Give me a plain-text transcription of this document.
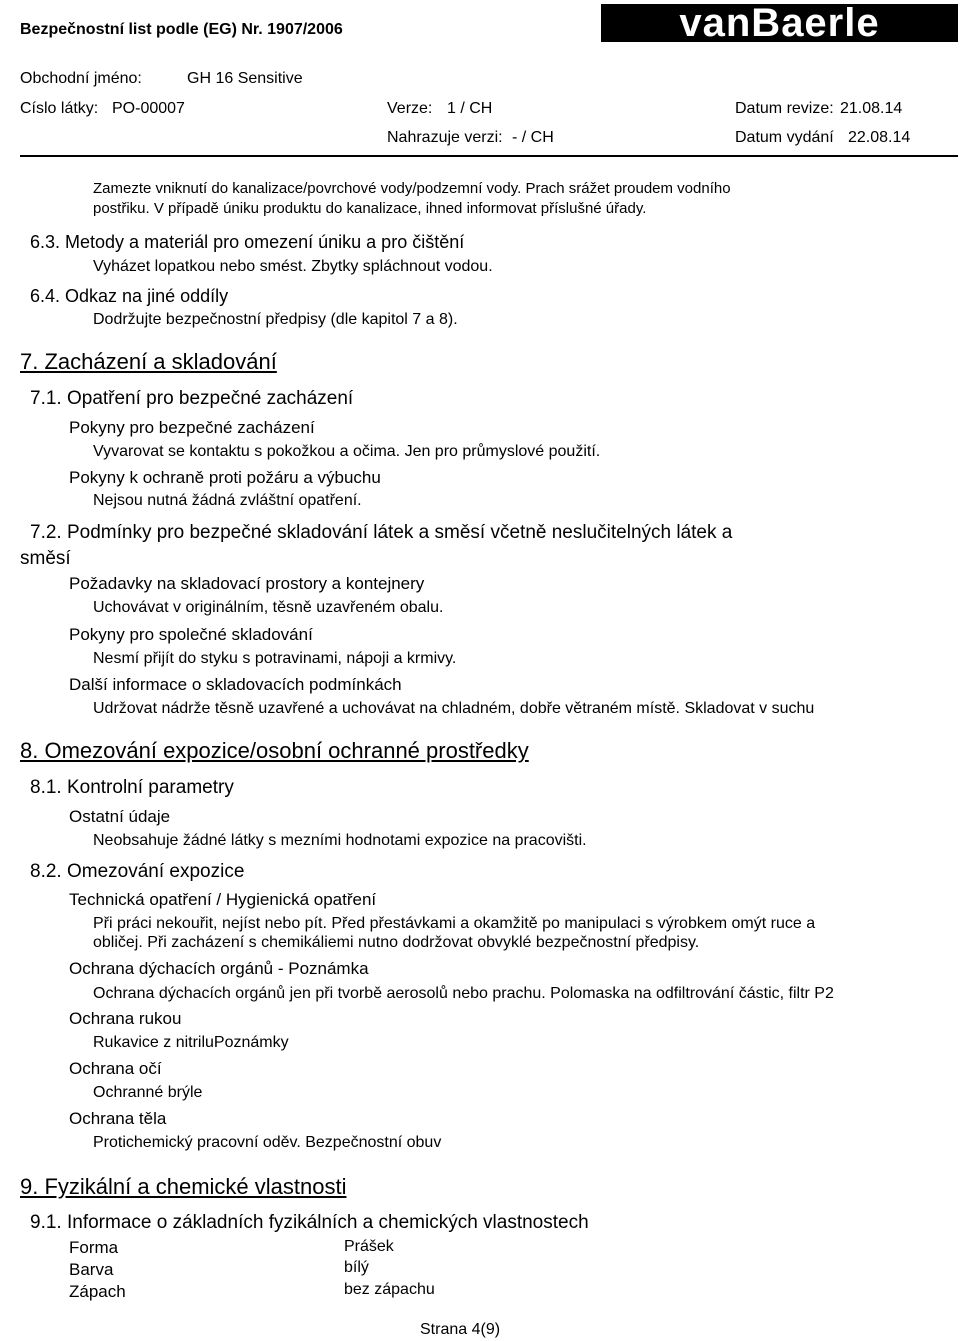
Bezpečnostní list podle (EG) Nr. 1907/2006	vanBaerle
Obchodní jméno:	GH 16 Sensitive
Císlo látky: PO-00007	Verze: 1 / CH
Nahrazuje verzi: - / CH
Datum revize: 21.08.14
Datum vydání 22.08.14
Zamezte vniknutí do kanalizace/povrchové vody/podzemní vody. Prach srážet proudem vodního
postřiku. V případě úniku produktu do kanalizace, ihned informovat příslušné úřady.
6.3. Metody a materiál pro omezení úniku a pro čištění
Vyházet lopatkou nebo smést. Zbytky spláchnout vodou.
6.4. Odkaz na jiné oddíly
Dodržujte bezpečnostní předpisy (dle kapitol 7 a 8).
7. Zacházení a skladování
7.1. Opatření pro bezpečné zacházení
Pokyny pro bezpečné zacházení
Vyvarovat se kontaktu s pokožkou a očima. Jen pro průmyslové použití.
Pokyny k ochraně proti požáru a výbuchu
Nejsou nutná žádná zvláštní opatření.
7.2. Podmínky pro bezpečné skladování látek a směsí včetně neslučitelných látek a
směsí
Požadavky na skladovací prostory a kontejnery
Uchovávat v originálním, těsně uzavřeném obalu.
Pokyny pro společné skladování
Nesmí přijít do styku s potravinami, nápoji a krmivy.
Další informace o skladovacích podmínkách
Udržovat nádrže těsně uzavřené a uchovávat na chladném, dobře větraném místě. Skladovat v suchu
8. Omezování expozice/osobní ochranné prostředky
8.1. Kontrolní parametry
Ostatní údaje
Neobsahuje žádné látky s mezními hodnotami expozice na pracovišti.
8.2. Omezování expozice
Technická opatření / Hygienická opatření
Při práci nekouřit, nejíst nebo pít. Před přestávkami a okamžitě po manipulaci s výrobkem omýt ruce a
obličej. Při zacházení s chemikáliemi nutno dodržovat obvyklé bezpečnostní předpisy.
Ochrana dýchacích orgánů - Poznámka
Ochrana dýchacích orgánů jen při tvorbě aerosolů nebo prachu. Polomaska na odfiltrování částic, filtr P2
Ochrana rukou
Rukavice z nitriluPoznámky
Ochrana očí
Ochranné brýle
Ochrana těla
Protichemický pracovní oděv. Bezpečnostní obuv
9. Fyzikální a chemické vlastnosti
9.1. Informace o základních fyzikálních a chemických vlastnostech
Forma	Prášek
Barva	bílý
Zápach	bez zápachu
Strana 4(9)
